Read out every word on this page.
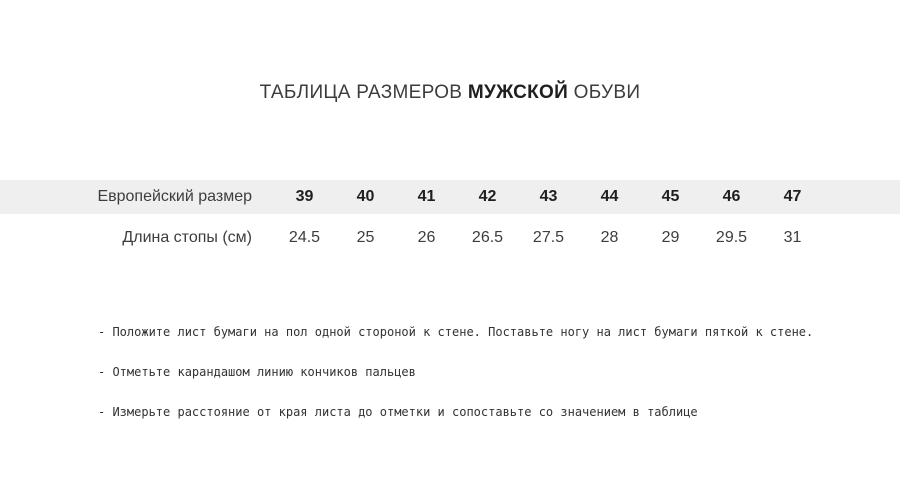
ТАБЛИЦА РАЗМЕРОВ МУЖСКОЙ ОБУВИ
Европейский размер	39	40	41	42	43	44	45	46	47	
Длина стопы (см)	24.5	25	26	26.5	27.5	28	29	29.5	31	

- Положите лист бумаги на пол одной стороной к стене. Поставьте ногу на лист бумаги пяткой к стене.

- Отметьте карандашом линию кончиков пальцев

- Измерьте расстояние от края листа до отметки и сопоставьте со значением в таблице
